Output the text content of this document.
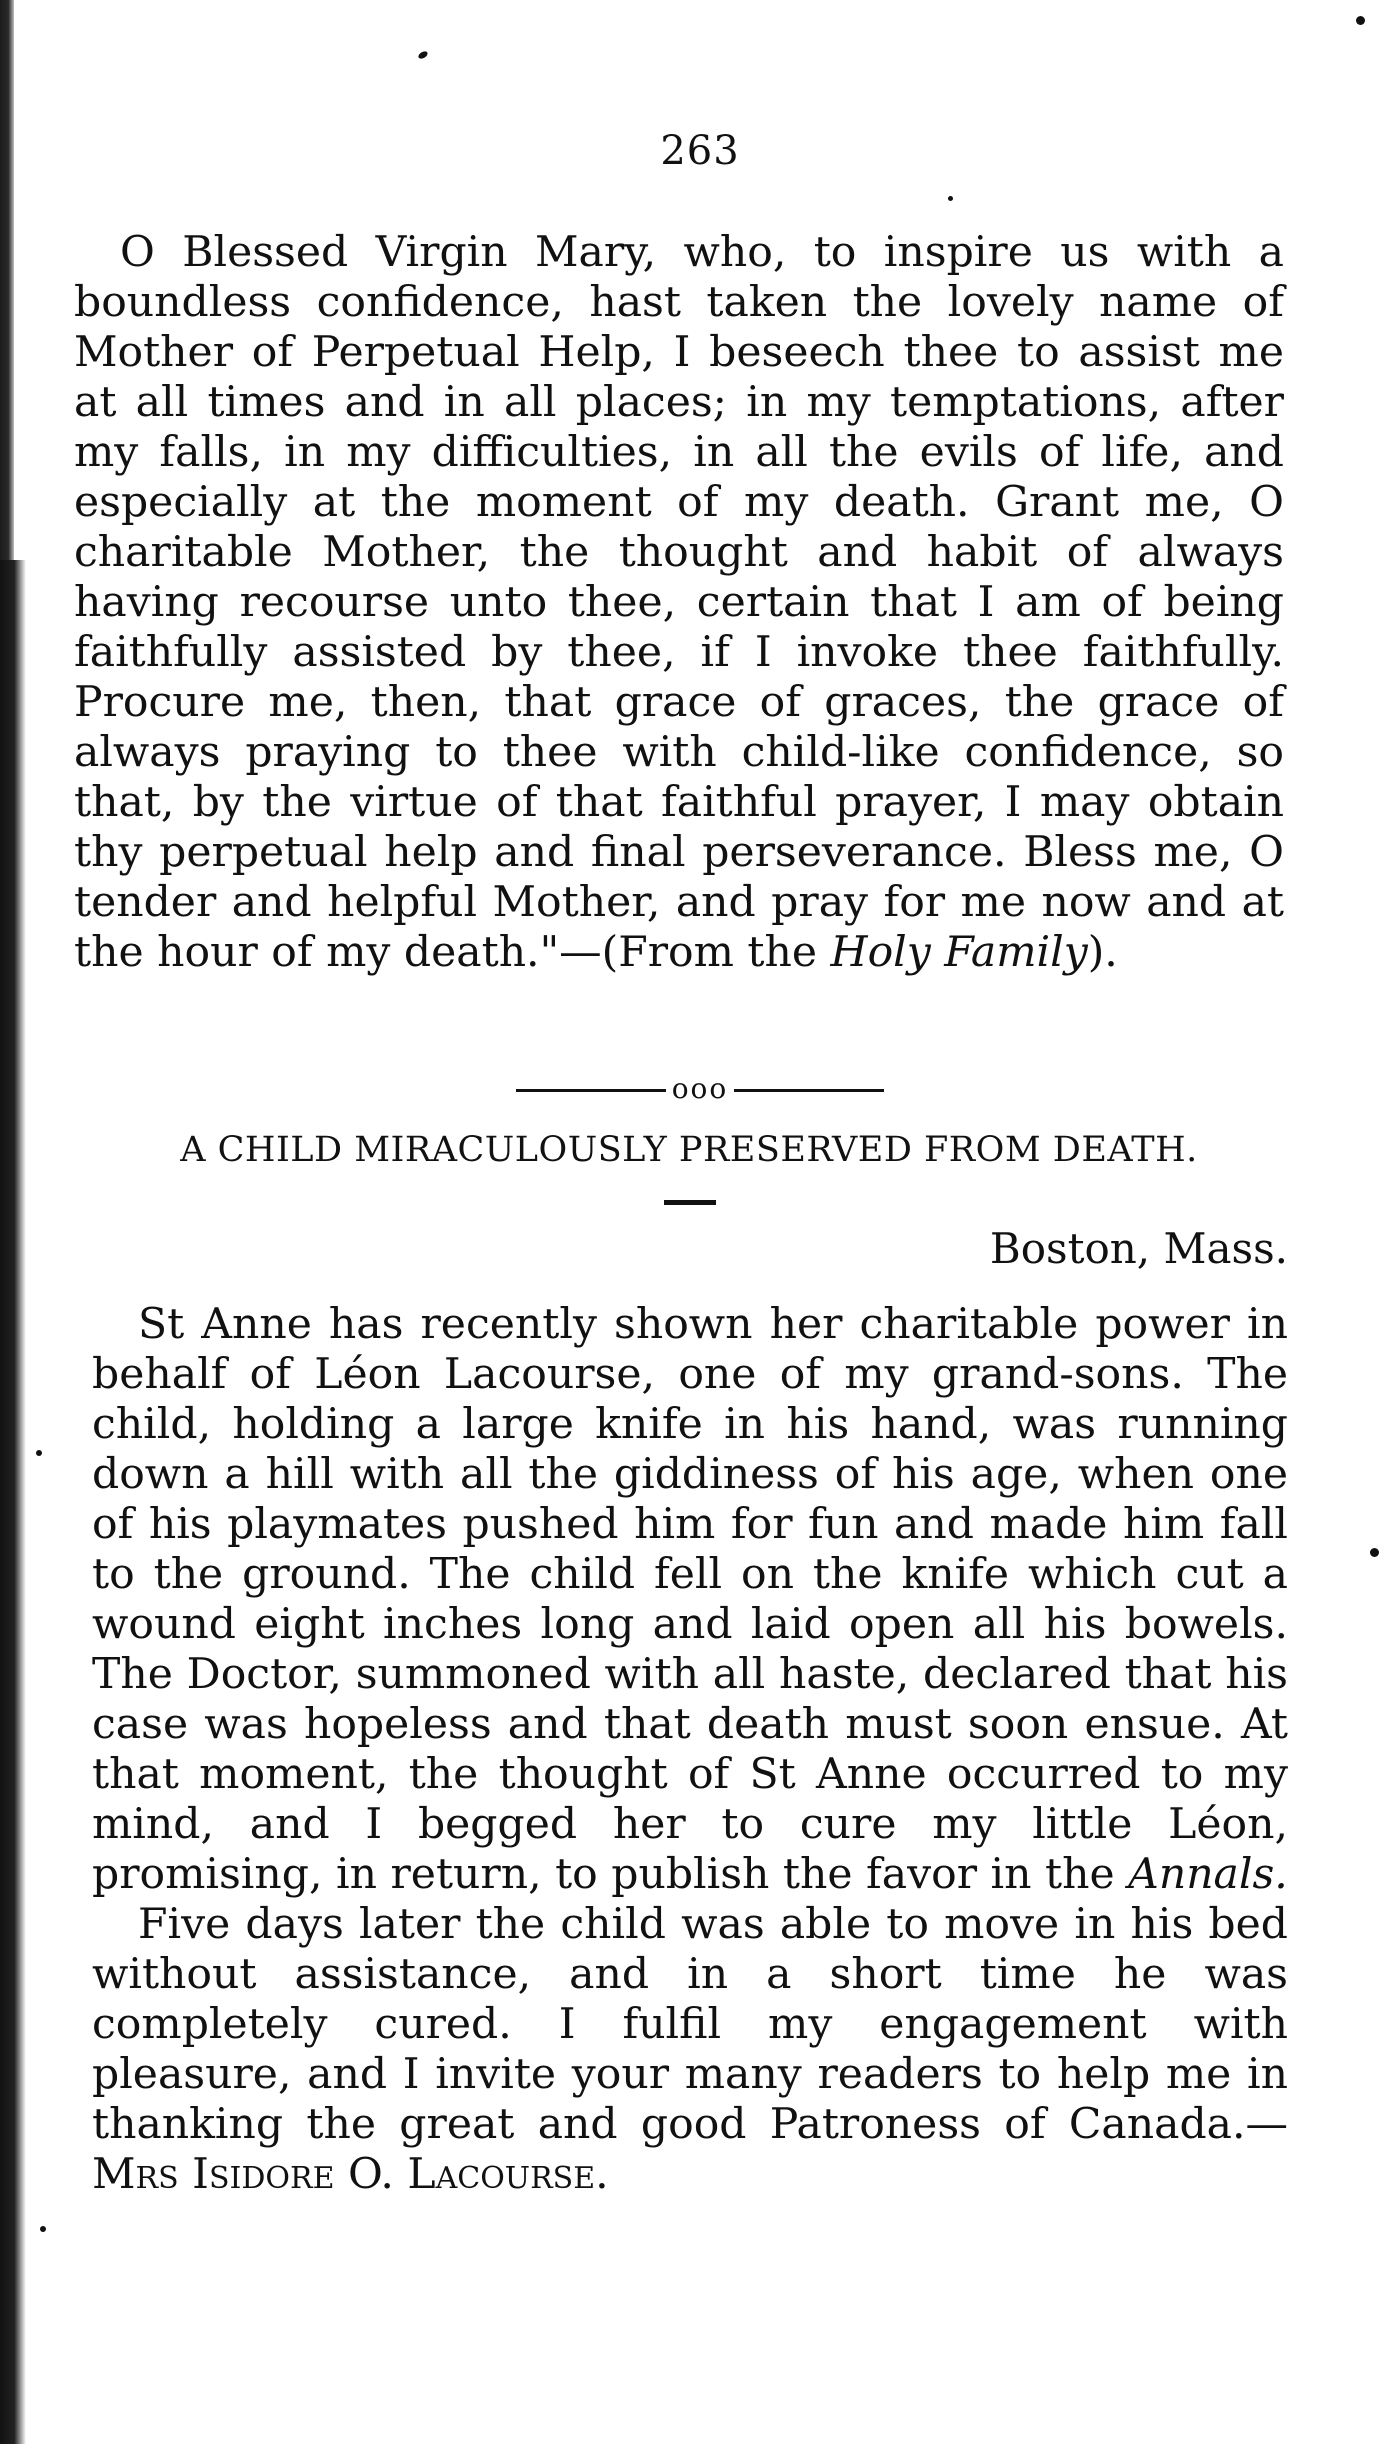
263

O Blessed Virgin Mary, who, to inspire us with a boundless confidence, hast taken the lovely name of Mother of Perpetual Help, I beseech thee to assist me at all times and in all places; in my temptations, after my falls, in my difficulties, in all the evils of life, and especially at the moment of my death. Grant me, O charitable Mother, the thought and habit of always having recourse unto thee, certain that I am of being faithfully assisted by thee, if I invoke thee faithfully. Procure me, then, that grace of graces, the grace of always praying to thee with child-like confidence, so that, by the virtue of that faithful prayer, I may obtain thy perpetual help and final perseverance. Bless me, O tender and helpful Mother, and pray for me now and at the hour of my death."—(From the Holy Family).

ooo
A CHILD MIRACULOUSLY PRESERVED FROM DEATH.
Boston, Mass.

St Anne has recently shown her charitable power in behalf of Léon Lacourse, one of my grand-sons. The child, holding a large knife in his hand, was running down a hill with all the giddiness of his age, when one of his playmates pushed him for fun and made him fall to the ground. The child fell on the knife which cut a wound eight inches long and laid open all his bowels. The Doctor, summoned with all haste, declared that his case was hopeless and that death must soon ensue. At that moment, the thought of St Anne occurred to my mind, and I begged her to cure my little Léon, promising, in return, to publish the favor in the Annals.

Five days later the child was able to move in his bed without assistance, and in a short time he was completely cured. I fulfil my engagement with pleasure, and I invite your many readers to help me in thanking the great and good Patroness of Canada.—Mrs Isidore O. Lacourse.
